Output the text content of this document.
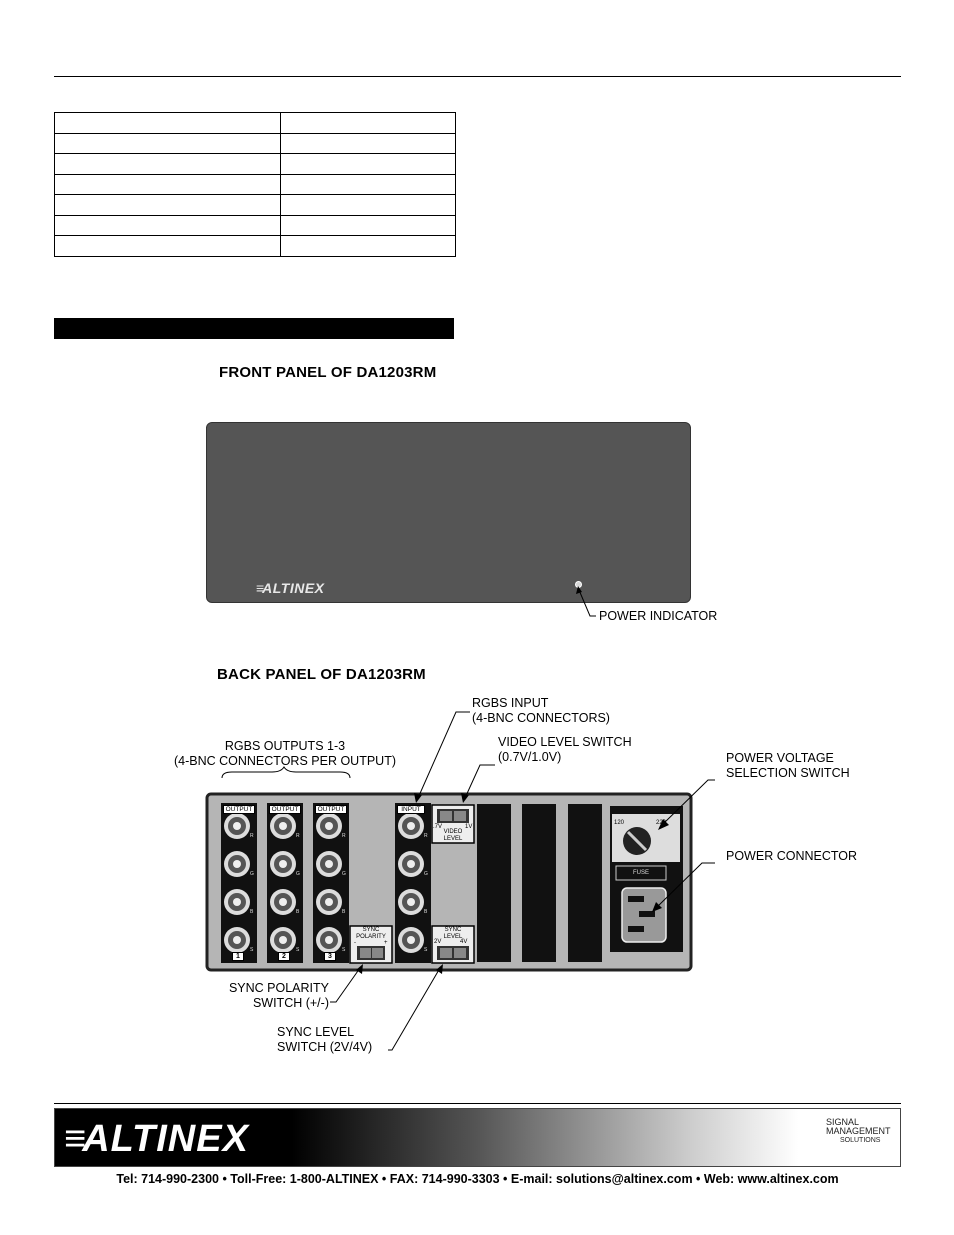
FRONT PANEL OF DA1203RM
≡ALTINEX
OUTPUT	OUTPUT	OUTPUT	INPUT
1	2	3
SYNC POLARITY
-	+
SYNC LEVEL
2V	4V
VIDEO LEVEL
.7V	1V
120	220
FUSE
R
G
B
S
R
G
B
S
R
G
B
S
R
G
B
S
BACK PANEL OF DA1203RM
POWER INDICATOR
RGBS OUTPUTS 1-3
(4-BNC CONNECTORS PER OUTPUT)
RGBS INPUT
(4-BNC CONNECTORS)
VIDEO LEVEL SWITCH
(0.7V/1.0V)	POWER VOLTAGE
SELECTION SWITCH
POWER CONNECTOR
SYNC POLARITY
SWITCH (+/-)
SYNC LEVEL
SWITCH (2V/4V)
≡ALTINEX	SIGNAL
MANAGEMENT
SOLUTIONS
Tel: 714-990-2300 • Toll-Free: 1-800-ALTINEX • FAX: 714-990-3303 • E-mail: solutions@altinex.com • Web: www.altinex.com
